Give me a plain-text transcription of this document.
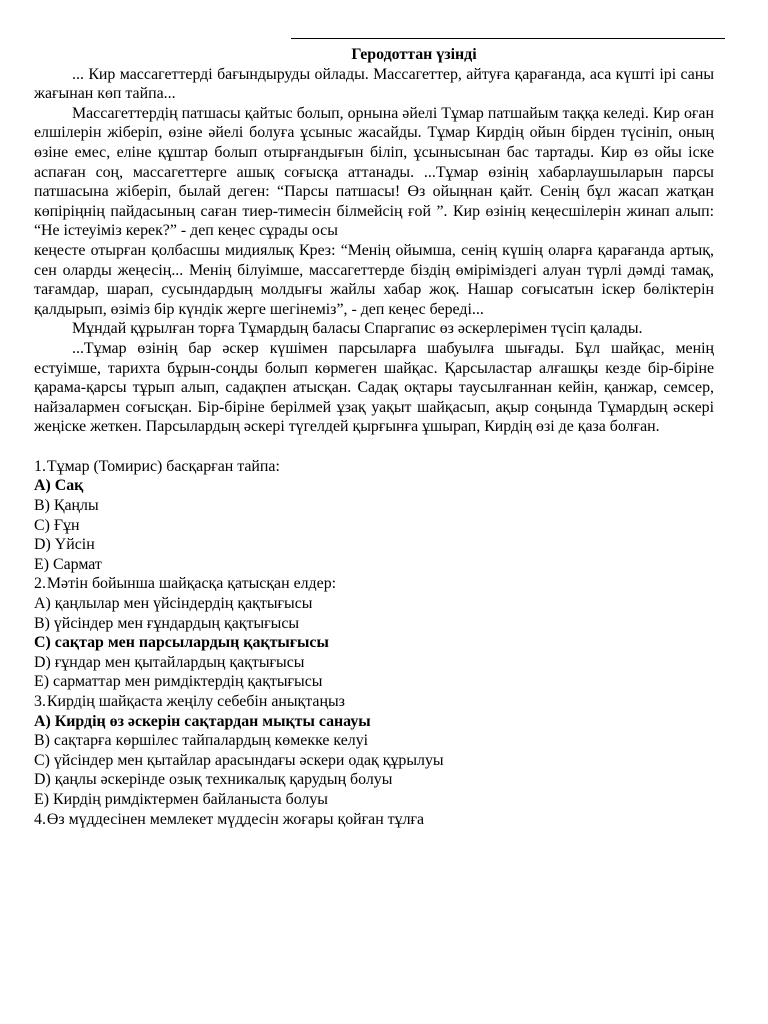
Геродоттан үзінді

... Кир массагеттерді бағындыруды ойлады. Массагеттер, айтуға қарағанда, аса күшті ірі саны жағынан көп тайпа...

Массагеттердің патшасы қайтыс болып, орнына әйелі Тұмар патшайым таққа келеді. Кир оған елшілерін жіберіп, өзіне әйелі болуға ұсыныс жасайды. Тұмар Кирдің ойын бірден түсініп, оның өзіне емес, еліне құштар болып отырғандығын біліп, ұсынысынан бас тартады. Кир өз ойы іске аспаған соң, массагеттерге ашық соғысқа аттанады. ...Тұмар өзінің хабарлаушыларын парсы патшасына жіберіп, былай деген: “Парсы патшасы! Өз ойыңнан қайт. Сенің бұл жасап жатқан көпіріңнің пайдасының саған тиер-тимесін білмейсің ғой ”. Кир өзінің кеңесшілерін жинап алып: “Не істеуіміз керек?” - деп кеңес сұрады осы

кеңесте отырған қолбасшы мидиялық Крез: “Менің ойымша, сенің күшің оларға қарағанда артық, сен оларды жеңесің... Менің білуімше, массагеттерде біздің өміріміздегі алуан түрлі дәмді тамақ, тағамдар, шарап, сусындардың молдығы жайлы хабар жоқ. Нашар соғысатын іскер бөліктерін қалдырып, өзіміз бір күндік жерге шегінеміз”, - деп кеңес береді...

Мұндай құрылған торға Тұмардың баласы Спаргапис өз әскерлерімен түсіп қалады.

...Тұмар өзінің бар әскер күшімен парсыларға шабуылға шығады. Бұл шайқас, менің естуімше, тарихта бұрын-соңды болып көрмеген шайқас. Қарсыластар алғашқы кезде бір-біріне қарама-қарсы тұрып алып, садақпен атысқан. Садақ оқтары таусылғаннан кейін, қанжар, семсер, найзалармен соғысқан. Бір-біріне берілмей ұзақ уақыт шайқасып, ақыр соңында Тұмардың әскері жеңіске жеткен. Парсылардың әскері түгелдей қырғынға ұшырап, Кирдің өзі де қаза болған.

1.Тұмар (Томирис) басқарған тайпа:
A) Сақ
B) Қаңлы
C) Ғұн
D) Үйсін
E) Сармат
2.Мәтін бойынша шайқасқа қатысқан елдер:
A) қаңлылар мен үйсіндердің қақтығысы
B) үйсіндер мен ғұндардың қақтығысы
C) сақтар мен парсылардың қақтығысы
D) ғұндар мен қытайлардың қақтығысы
E) сарматтар мен римдіктердің қақтығысы
3.Кирдің шайқаста жеңілу себебін анықтаңыз
A) Кирдің өз әскерін сақтардан мықты санауы
B) сақтарға көршілес тайпалардың көмекке келуі
C) үйсіндер мен қытайлар арасындағы әскери одақ құрылуы
D) қаңлы әскерінде озық техникалық қарудың болуы
E) Кирдің римдіктермен байланыста болуы
4.Өз мүддесінен мемлекет мүддесін жоғары қойған тұлға
